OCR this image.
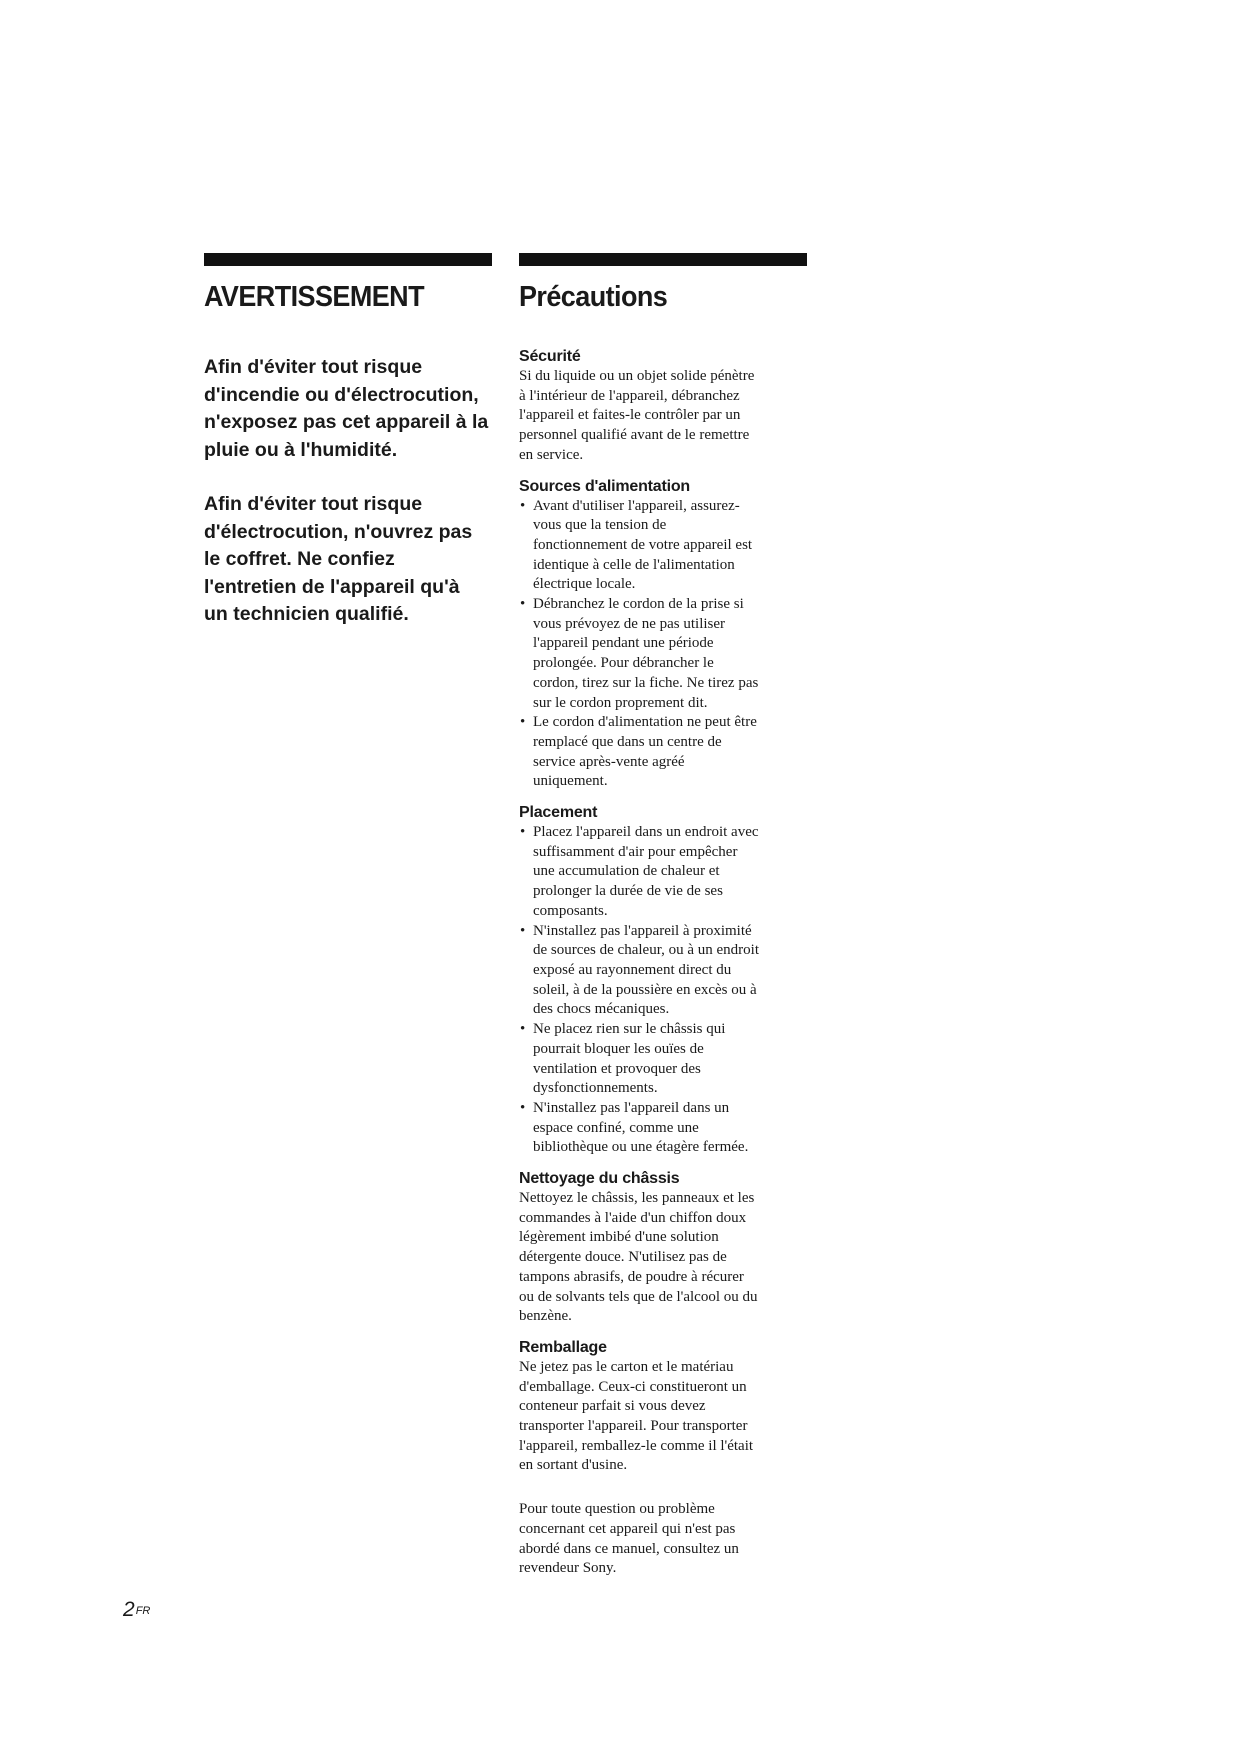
AVERTISSEMENT

Afin d'éviter tout risque
d'incendie ou d'électrocution,
n'exposez pas cet appareil à la
pluie ou à l'humidité.

Afin d'éviter tout risque
d'électrocution, n'ouvrez pas
le coffret. Ne confiez
l'entretien de l'appareil qu'à
un technicien qualifié.

Précautions
Sécurité

Si du liquide ou un objet solide pénètre
à l'intérieur de l'appareil, débranchez
l'appareil et faites-le contrôler par un
personnel qualifié avant de le remettre
en service.

Sources d'alimentation
• Avant d'utiliser l'appareil, assurez-
vous que la tension de
fonctionnement de votre appareil est
identique à celle de l'alimentation
électrique locale.
• Débranchez le cordon de la prise si
vous prévoyez de ne pas utiliser
l'appareil pendant une période
prolongée. Pour débrancher le
cordon, tirez sur la fiche. Ne tirez pas
sur le cordon proprement dit.
• Le cordon d'alimentation ne peut être
remplacé que dans un centre de
service après-vente agréé
uniquement.
Placement
• Placez l'appareil dans un endroit avec
suffisamment d'air pour empêcher
une accumulation de chaleur et
prolonger la durée de vie de ses
composants.
• N'installez pas l'appareil à proximité
de sources de chaleur, ou à un endroit
exposé au rayonnement direct du
soleil, à de la poussière en excès ou à
des chocs mécaniques.
• Ne placez rien sur le châssis qui
pourrait bloquer les ouïes de
ventilation et provoquer des
dysfonctionnements.
• N'installez pas l'appareil dans un
espace confiné, comme une
bibliothèque ou une étagère fermée.
Nettoyage du châssis

Nettoyez le châssis, les panneaux et les
commandes à l'aide d'un chiffon doux
légèrement imbibé d'une solution
détergente douce. N'utilisez pas de
tampons abrasifs, de poudre à récurer
ou de solvants tels que de l'alcool ou du
benzène.

Remballage

Ne jetez pas le carton et le matériau
d'emballage. Ceux-ci constitueront un
conteneur parfait si vous devez
transporter l'appareil. Pour transporter
l'appareil, remballez-le comme il l'était
en sortant d'usine.

Pour toute question ou problème
concernant cet appareil qui n'est pas
abordé dans ce manuel, consultez un
revendeur Sony.

$2^{FR}$
